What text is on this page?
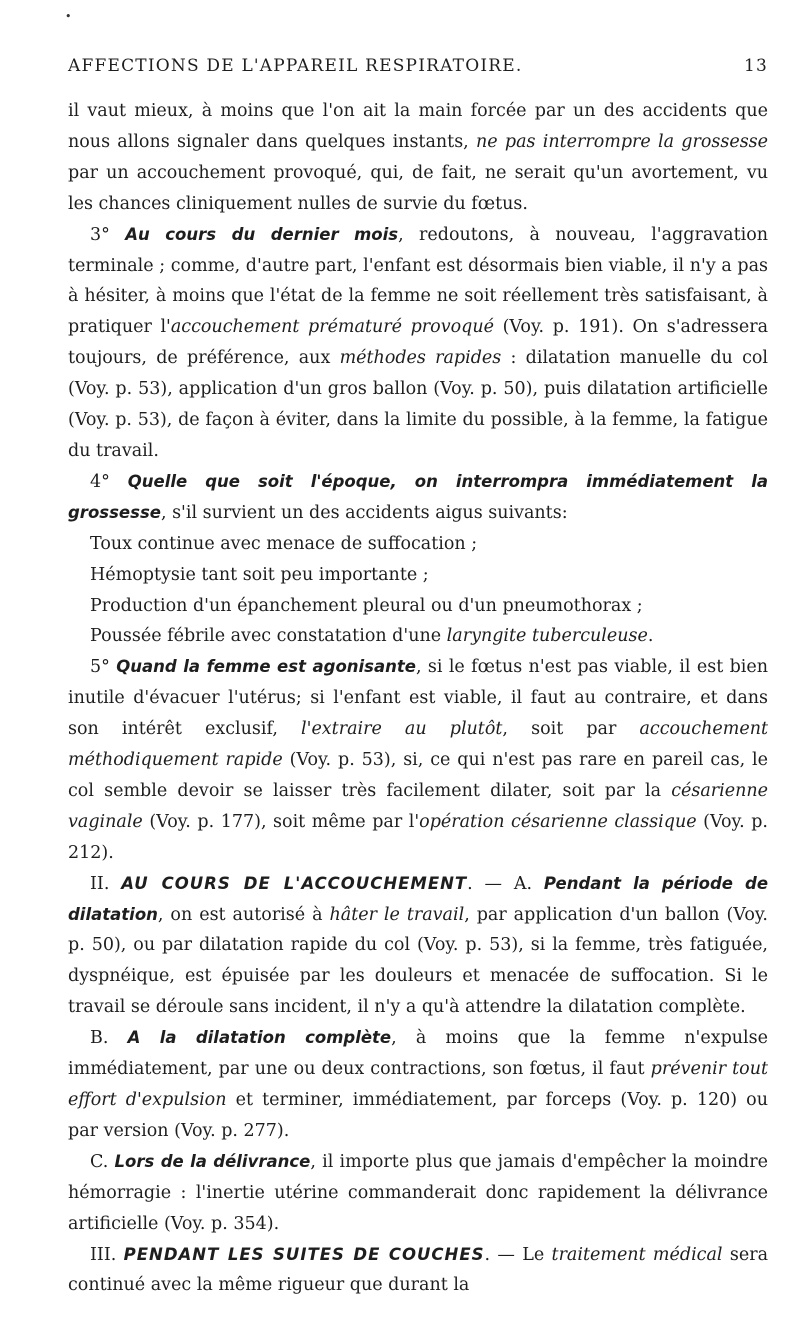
•
AFFECTIONS DE L'APPAREIL RESPIRATOIRE.	13

il vaut mieux, à moins que l'on ait la main forcée par un des accidents que nous allons signaler dans quelques instants, ne pas interrompre la grossesse par un accouchement provoqué, qui, de fait, ne serait qu'un avortement, vu les chances cliniquement nulles de survie du fœtus.

3° Au cours du dernier mois, redoutons, à nouveau, l'aggravation terminale ; comme, d'autre part, l'enfant est désormais bien viable, il n'y a pas à hésiter, à moins que l'état de la femme ne soit réellement très satisfaisant, à pratiquer l'accouchement prématuré provoqué (Voy. p. 191). On s'adressera toujours, de préférence, aux méthodes rapides : dilatation manuelle du col (Voy. p. 53), application d'un gros ballon (Voy. p. 50), puis dilatation artificielle (Voy. p. 53), de façon à éviter, dans la limite du possible, à la femme, la fatigue du travail.

4° Quelle que soit l'époque, on interrompra immédiatement la grossesse, s'il survient un des accidents aigus suivants:

Toux continue avec menace de suffocation ;

Hémoptysie tant soit peu importante ;

Production d'un épanchement pleural ou d'un pneumothorax ;

Poussée fébrile avec constatation d'une laryngite tuberculeuse.

5° Quand la femme est agonisante, si le fœtus n'est pas viable, il est bien inutile d'évacuer l'utérus; si l'enfant est viable, il faut au contraire, et dans son intérêt exclusif, l'extraire au plutôt, soit par accouchement méthodiquement rapide (Voy. p. 53), si, ce qui n'est pas rare en pareil cas, le col semble devoir se laisser très facilement dilater, soit par la césarienne vaginale (Voy. p. 177), soit même par l'opération césarienne classique (Voy. p. 212).

II. AU COURS DE L'ACCOUCHEMENT. — A. Pendant la période de dilatation, on est autorisé à hâter le travail, par application d'un ballon (Voy. p. 50), ou par dilatation rapide du col (Voy. p. 53), si la femme, très fatiguée, dyspnéique, est épuisée par les douleurs et menacée de suffocation. Si le travail se déroule sans incident, il n'y a qu'à attendre la dilatation complète.

B. A la dilatation complète, à moins que la femme n'expulse immédiatement, par une ou deux contractions, son fœtus, il faut prévenir tout effort d'expulsion et terminer, immédiatement, par forceps (Voy. p. 120) ou par version (Voy. p. 277).

C. Lors de la délivrance, il importe plus que jamais d'empêcher la moindre hémorragie : l'inertie utérine commanderait donc rapidement la délivrance artificielle (Voy. p. 354).

III. PENDANT LES SUITES DE COUCHES. — Le traitement médical sera continué avec la même rigueur que durant la
